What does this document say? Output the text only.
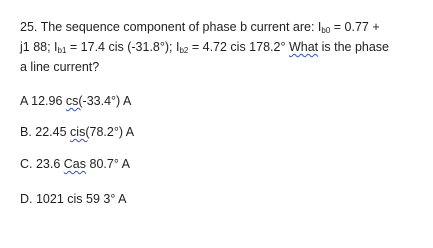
25. The sequence component of phase b current are: Ib0 = 0.77 +
j1 88; Ib1 = 17.4 cis (-31.8°); Ib2 = 4.72 cis 178.2° What is the phase
a line current?
A 12.96 cs(-33.4°) A
B. 22.45 cis(78.2°) A
C. 23.6 Cas 80.7° A
D. 1021 cis 59 3° A
